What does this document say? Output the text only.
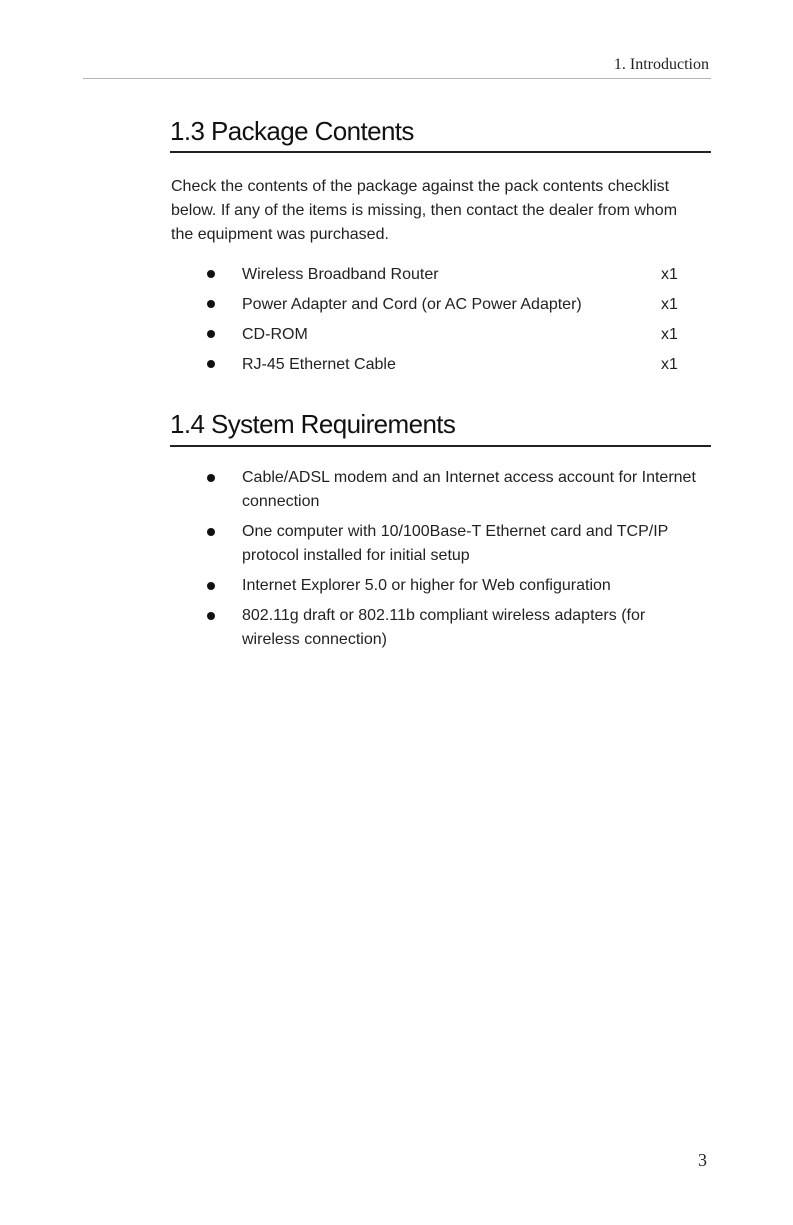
1. Introduction
1.3 Package Contents

Check the contents of the package against the pack contents checklist below. If any of the items is missing, then contact the dealer from whom the equipment was purchased.

Wireless Broadband Router	x1
Power Adapter and Cord (or AC Power Adapter)	x1
CD-ROM	x1
RJ-45 Ethernet Cable	x1
1.4 System Requirements
Cable/ADSL modem and an Internet access account for Internet connection
One computer with 10/100Base-T Ethernet card and TCP/IP protocol installed for initial setup
Internet Explorer 5.0 or higher for Web configuration
802.11g draft or 802.11b compliant wireless adapters (for wireless connection)
3
